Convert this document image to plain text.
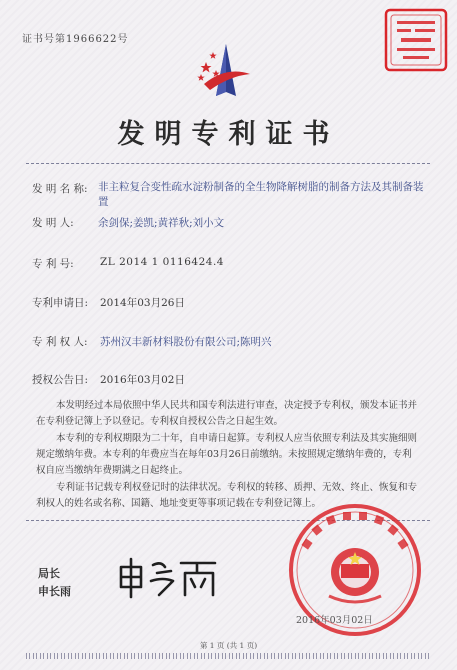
证书号第1966622号
发明专利证书
发 明 名 称: 非主粒复合变性疏水淀粉制备的全生物降解树脂的制备方法及其制备装置
发 明 人: 余剑保;姜凯;黄祥秋;刘小文
专 利 号:	ZL 2014 1 0116424.4
专利申请日: 2014年03月26日
专 利 权 人: 苏州汉丰新材料股份有限公司;陈明兴
授权公告日: 2016年03月02日

本发明经过本局依照中华人民共和国专利法进行审查，决定授予专利权，颁发本证书并在专利登记簿上予以登记。专利权自授权公告之日起生效。

本专利的专利权期限为二十年，自申请日起算。专利权人应当依照专利法及其实施细则规定缴纳年费。本专利的年费应当在每年03月26日前缴纳。未按照规定缴纳年费的，专利权自应当缴纳年费期满之日起终止。

专利证书记载专利权登记时的法律状况。专利权的转移、质押、无效、终止、恢复和专利权人的姓名或名称、国籍、地址变更等事项记载在专利登记簿上。

局长
申长雨
2016年03月02日
第 1 页 (共 1 页)
